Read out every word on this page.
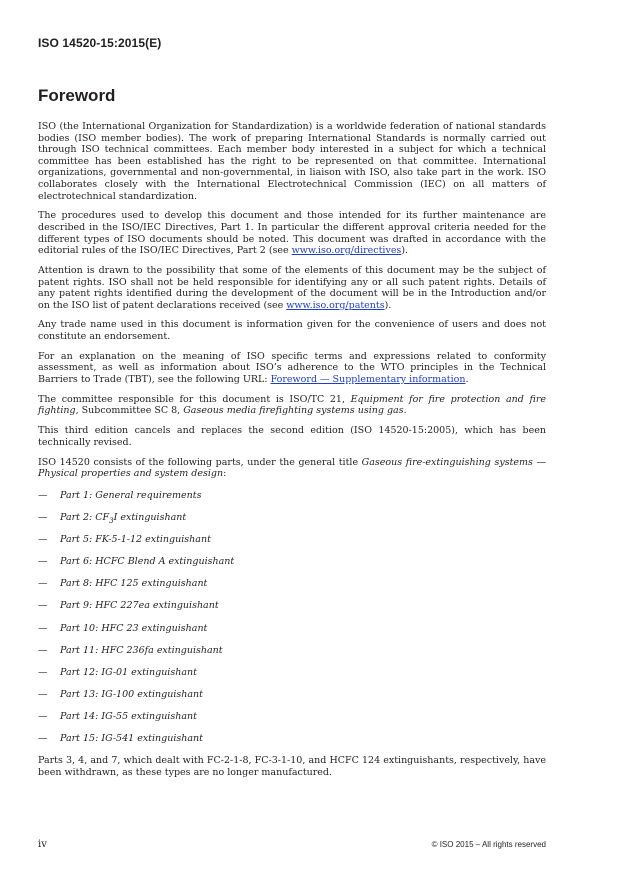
ISO 14520-15:2015(E)
Foreword

ISO (the International Organization for Standardization) is a worldwide federation of national standards bodies (ISO member bodies). The work of preparing International Standards is normally carried out through ISO technical committees. Each member body interested in a subject for which a technical committee has been established has the right to be represented on that committee. International organizations, governmental and non-governmental, in liaison with ISO, also take part in the work. ISO collaborates closely with the International Electrotechnical Commission (IEC) on all matters of electrotechnical standardization.

The procedures used to develop this document and those intended for its further maintenance are described in the ISO/IEC Directives, Part 1. In particular the different approval criteria needed for the different types of ISO documents should be noted. This document was drafted in accordance with the editorial rules of the ISO/IEC Directives, Part 2 (see www.iso.org/directives).

Attention is drawn to the possibility that some of the elements of this document may be the subject of patent rights. ISO shall not be held responsible for identifying any or all such patent rights. Details of any patent rights identified during the development of the document will be in the Introduction and/or on the ISO list of patent declarations received (see www.iso.org/patents).

Any trade name used in this document is information given for the convenience of users and does not constitute an endorsement.

For an explanation on the meaning of ISO specific terms and expressions related to conformity assessment, as well as information about ISO’s adherence to the WTO principles in the Technical Barriers to Trade (TBT), see the following URL: Foreword — Supplementary information.

The committee responsible for this document is ISO/TC 21, Equipment for fire protection and fire fighting, Subcommittee SC 8, Gaseous media firefighting systems using gas.

This third edition cancels and replaces the second edition (ISO 14520-15:2005), which has been technically revised.

ISO 14520 consists of the following parts, under the general title Gaseous fire-extinguishing systems — Physical properties and system design:

— Part 1: General requirements
— Part 2: $CF_3I$ extinguishant
— Part 5: FK-5-1-12 extinguishant
— Part 6: HCFC Blend A extinguishant
— Part 8: HFC 125 extinguishant
— Part 9: HFC 227ea extinguishant
— Part 10: HFC 23 extinguishant
— Part 11: HFC 236fa extinguishant
— Part 12: IG-01 extinguishant
— Part 13: IG-100 extinguishant
— Part 14: IG-55 extinguishant
— Part 15: IG-541 extinguishant

Parts 3, 4, and 7, which dealt with FC-2-1-8, FC-3-1-10, and HCFC 124 extinguishants, respectively, have been withdrawn, as these types are no longer manufactured.

iv	© ISO 2015 – All rights reserved
